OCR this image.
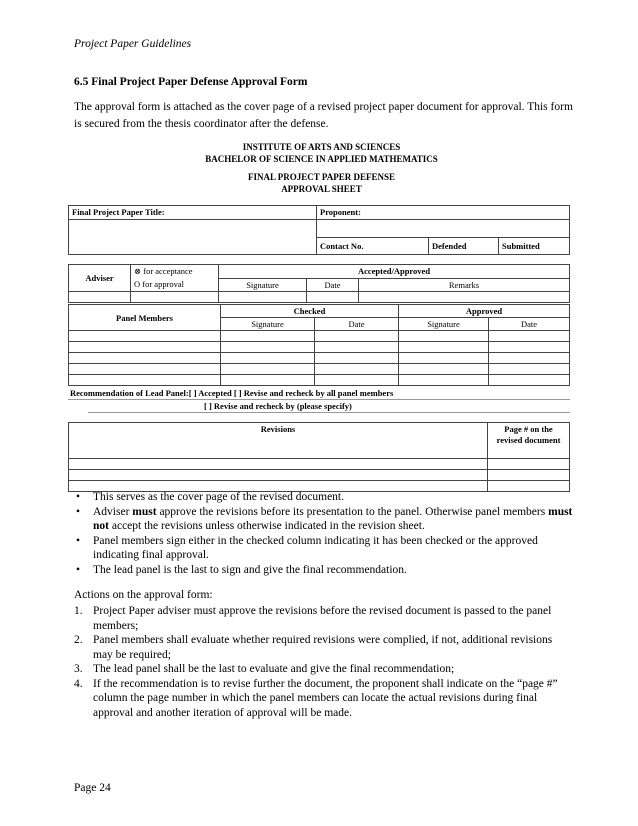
Project Paper Guidelines
6.5 Final Project Paper Defense Approval Form
The approval form is attached as the cover page of a revised project paper document for approval. This form is secured from the thesis coordinator after the defense.
INSTITUTE OF ARTS AND SCIENCES
BACHELOR OF SCIENCE IN APPLIED MATHEMATICS
FINAL PROJECT PAPER DEFENSE
APPROVAL SHEET
Final Project Paper Title:	Proponent:		

	Contact No.	Defended	Submitted
Adviser	⊗ for acceptance	Accepted/Approved		
	O for approval	Signature	Date	Remarks

Panel Members	Checked		Approved	
	Signature	Date	Signature	Date

Recommendation of Lead Panel:[ ] Accepted [ ] Revise and recheck by all panel members
[ ] Revise and recheck by (please specify)
Revisions	Page # on the revised document

• This serves as the cover page of the revised document.
• Adviser must approve the revisions before its presentation to the panel. Otherwise panel members must not accept the revisions unless otherwise indicated in the revision sheet.
• Panel members sign either in the checked column indicating it has been checked or the approved indicating final approval.
• The lead panel is the last to sign and give the final recommendation.
Actions on the approval form:
1. Project Paper adviser must approve the revisions before the revised document is passed to the panel members;
2. Panel members shall evaluate whether required revisions were complied, if not, additional revisions may be required;
3. The lead panel shall be the last to evaluate and give the final recommendation;
4. If the recommendation is to revise further the document, the proponent shall indicate on the “page #” column the page number in which the panel members can locate the actual revisions during final approval and another iteration of approval will be made.
Page 24
